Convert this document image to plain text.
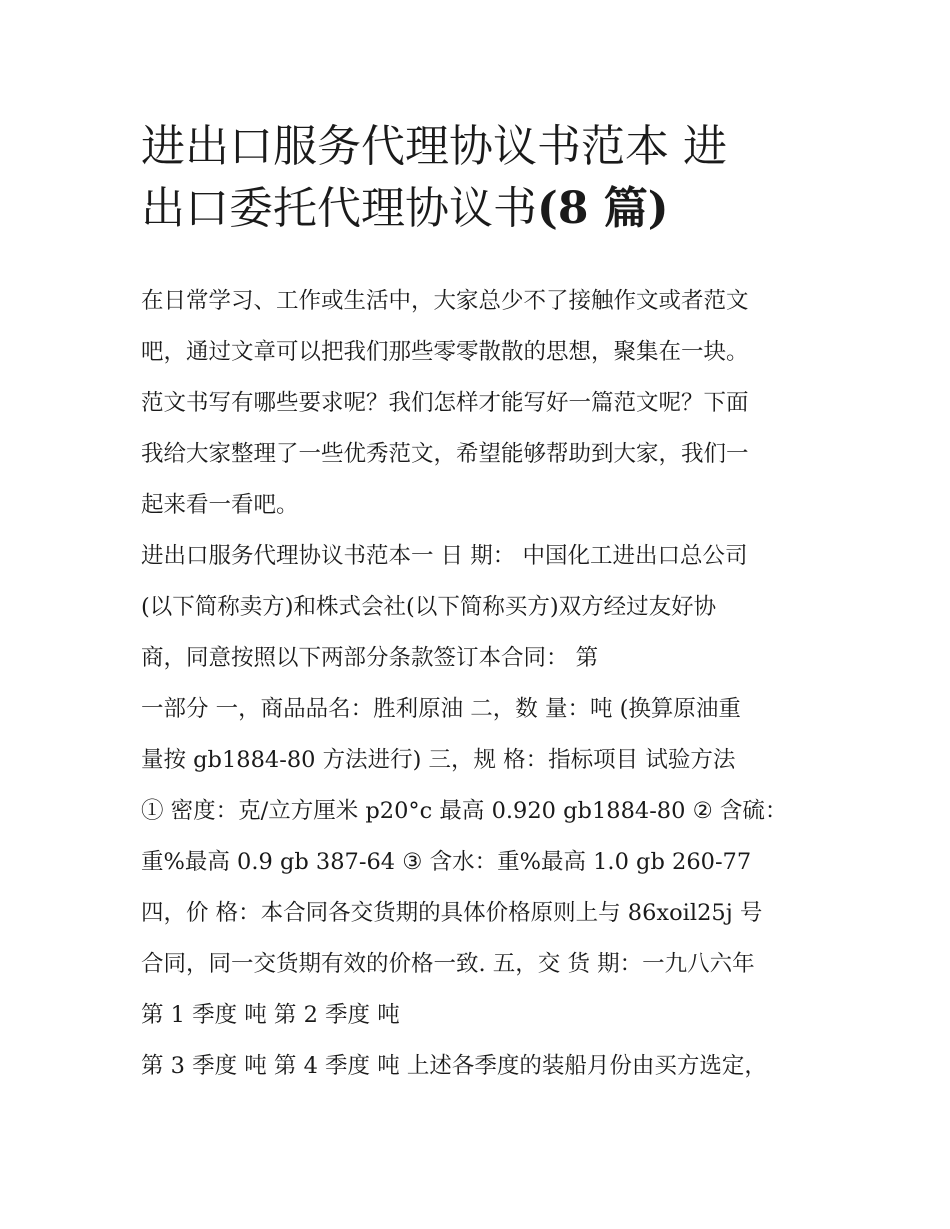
进出口服务代理协议书范本 进
出口委托代理协议书(8 篇)
在日常学习、工作或生活中，大家总少不了接触作文或者范文
吧，通过文章可以把我们那些零零散散的思想，聚集在一块。
范文书写有哪些要求呢？我们怎样才能写好一篇范文呢？下面
我给大家整理了一些优秀范文，希望能够帮助到大家，我们一
起来看一看吧。
进出口服务代理协议书范本一 日 期： 中国化工进出口总公司
(以下简称卖方)和株式会社(以下简称买方)双方经过友好协
商，同意按照以下两部分条款签订本合同： 第
一部分 一，商品品名：胜利原油 二，数 量：吨 (换算原油重
量按 gb1884-80 方法进行) 三，规 格：指标项目 试验方法
① 密度：克/立方厘米 p20°c 最高 0.920 gb1884-80 ② 含硫：
重%最高 0.9 gb 387-64 ③ 含水：重%最高 1.0 gb 260-77
四，价 格：本合同各交货期的具体价格原则上与 86xoil25j 号
合同，同一交货期有效的价格一致. 五，交 货 期：一九八六年
第 1 季度 吨 第 2 季度 吨
第 3 季度 吨 第 4 季度 吨 上述各季度的装船月份由买方选定，
